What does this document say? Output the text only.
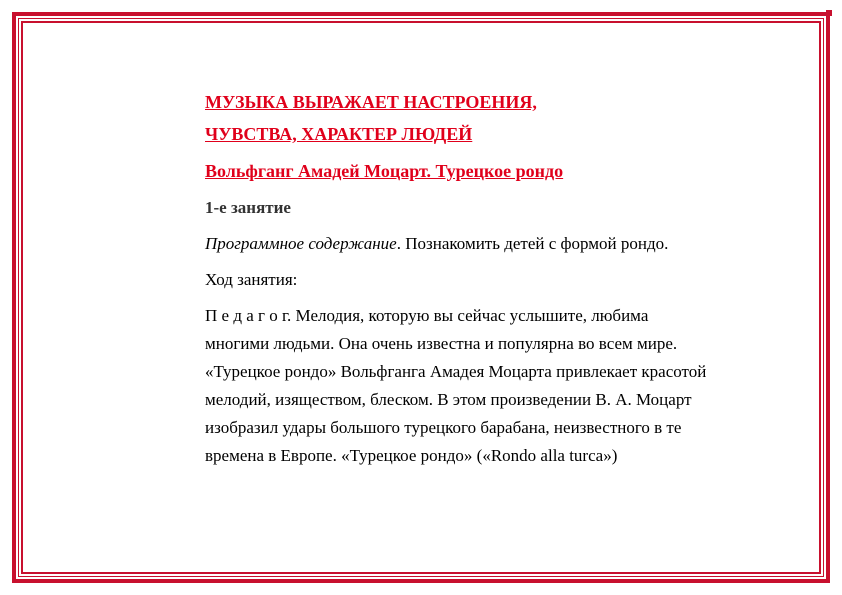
МУЗЫКА ВЫРАЖАЕТ НАСТРОЕНИЯ,
ЧУВСТВА, ХАРАКТЕР ЛЮДЕЙ

Вольфганг Амадей Моцарт. Турецкое рондо

1-е занятие

Программное содержание. Познакомить детей с формой рондо.

Ход занятия:

П е д а г о г. Мелодия, которую вы сейчас услышите, любима многими людьми. Она очень известна и популярна во всем мире. «Турецкое рондо» Вольфганга Амадея Моцарта привлекает красотой мелодий, изяществом, блеском. В этом произведении В. А. Моцарт изобразил удары большого турецкого барабана, неизвестного в те времена в Европе. «Турецкое рондо» («Rondo alla turca»)
